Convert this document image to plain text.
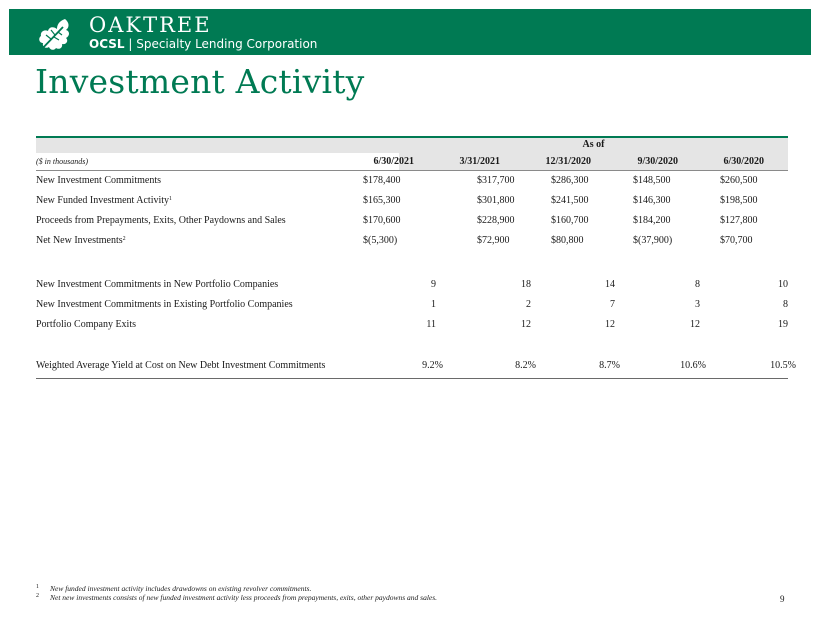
OAKTREE
OCSL | Specialty Lending Corporation
Investment Activity
As of
($ in thousands)	6/30/2021	3/31/2021	12/31/2020	9/30/2020	6/30/2020
New Investment Commitments	$178,400	$317,700	$286,300	$148,500	$260,500
New Funded Investment Activity$^1$	$165,300	$301,800	$241,500	$146,300	$198,500
Proceeds from Prepayments, Exits, Other Paydowns and Sales	$170,600	$228,900	$160,700	$184,200	$127,800
Net New Investments$^2$	$(5,300)	$72,900	$80,800	$(37,900)	$70,700
New Investment Commitments in New Portfolio Companies	9	18	14	8	10
New Investment Commitments in Existing Portfolio Companies	1	2	7	3	8
Portfolio Company Exits	11	12	12	12	19
Weighted Average Yield at Cost on New Debt Investment Commitments	9.2%	8.2%	8.7%	10.6%	10.5%
1 New funded investment activity includes drawdowns on existing revolver commitments.
2 Net new investments consists of new funded investment activity less proceeds from prepayments, exits, other paydowns and sales.	9
